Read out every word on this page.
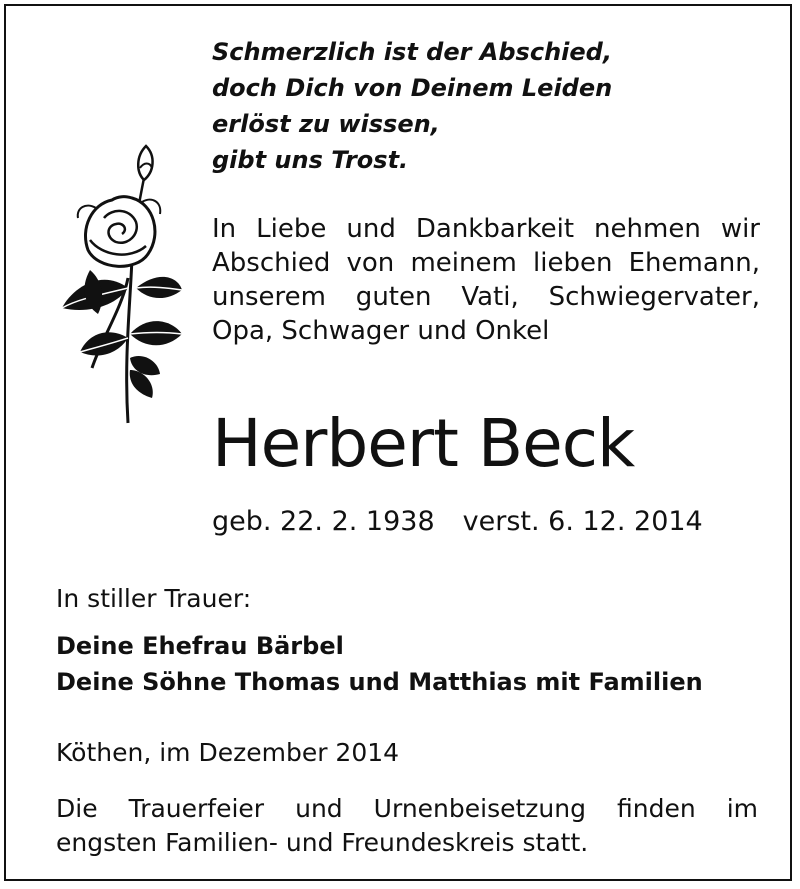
Schmerzlich ist der Abschied,
doch Dich von Deinem Leiden
erlöst zu wissen,
gibt uns Trost.
In Liebe und Dankbarkeit nehmen wir
Abschied von meinem lieben Ehemann,
unserem guten Vati, Schwiegervater,
Opa, Schwager und Onkel
Herbert Beck
geb. 22. 2. 1938 verst. 6. 12. 2014
In stiller Trauer:
Deine Ehefrau Bärbel
Deine Söhne Thomas und Matthias mit Familien
Köthen, im Dezember 2014
Die Trauerfeier und Urnenbeisetzung finden im
engsten Familien- und Freundeskreis statt.
